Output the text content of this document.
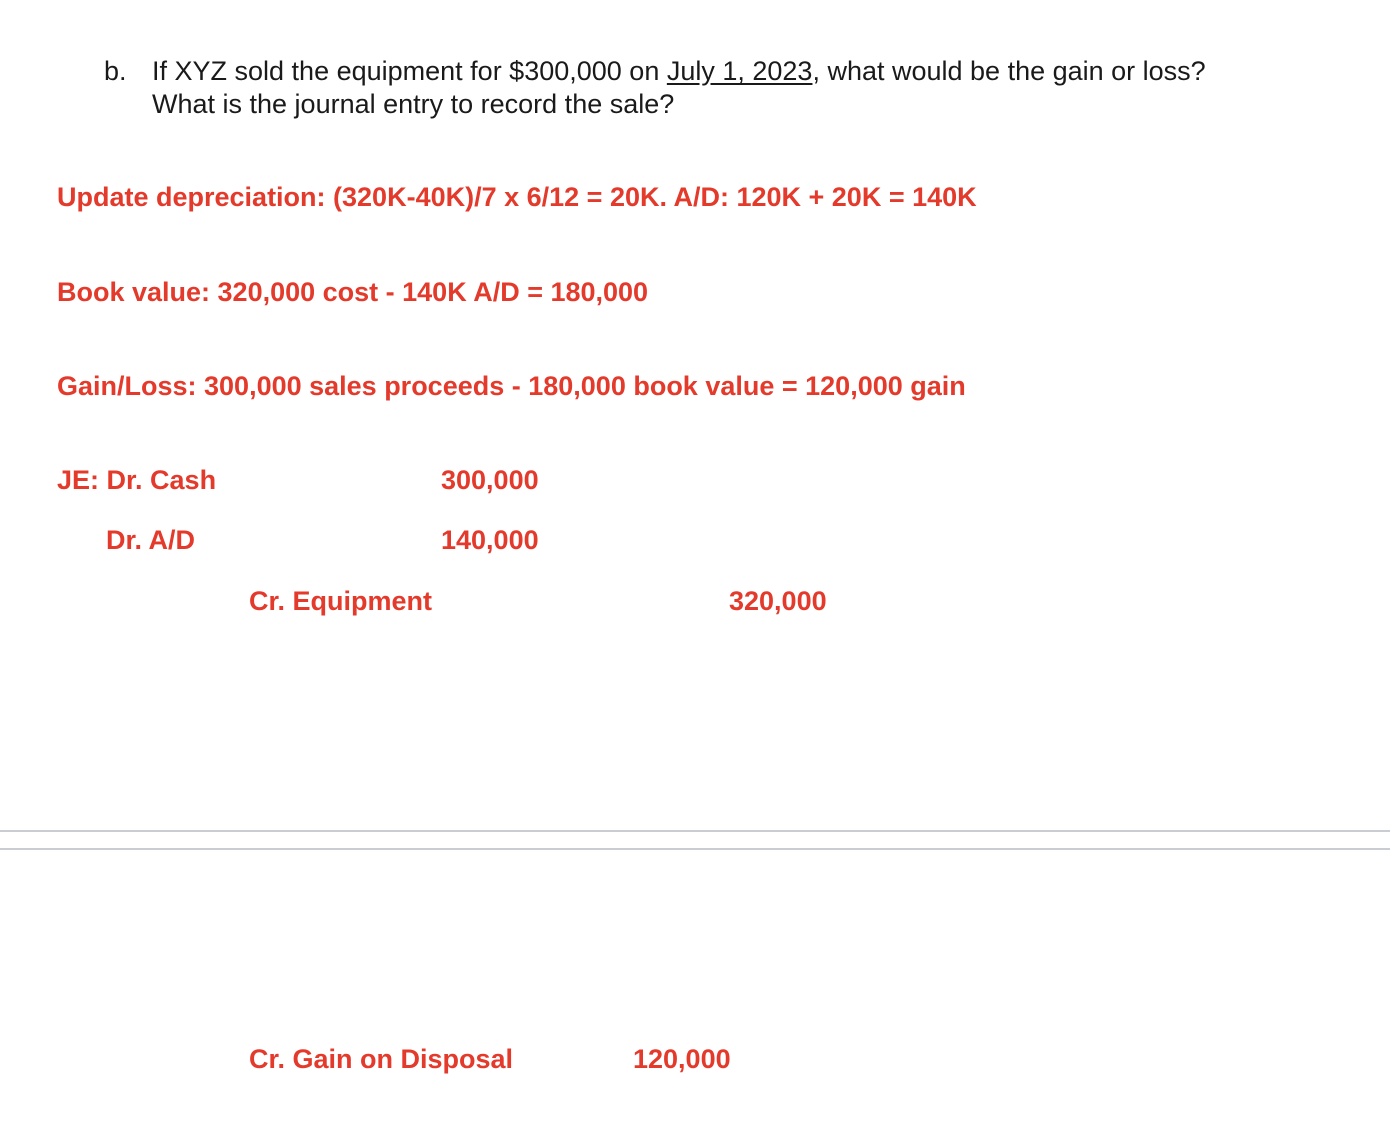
b. If XYZ sold the equipment for $300,000 on July 1, 2023, what would be the gain or loss?
What is the journal entry to record the sale?
Update depreciation: (320K-40K)/7 x 6/12 = 20K. A/D: 120K + 20K = 140K
Book value: 320,000 cost - 140K A/D = 180,000
Gain/Loss: 300,000 sales proceeds - 180,000 book value = 120,000 gain
JE: Dr. Cash	300,000
Dr. A/D	140,000
Cr. Equipment	320,000
Cr. Gain on Disposal	120,000
